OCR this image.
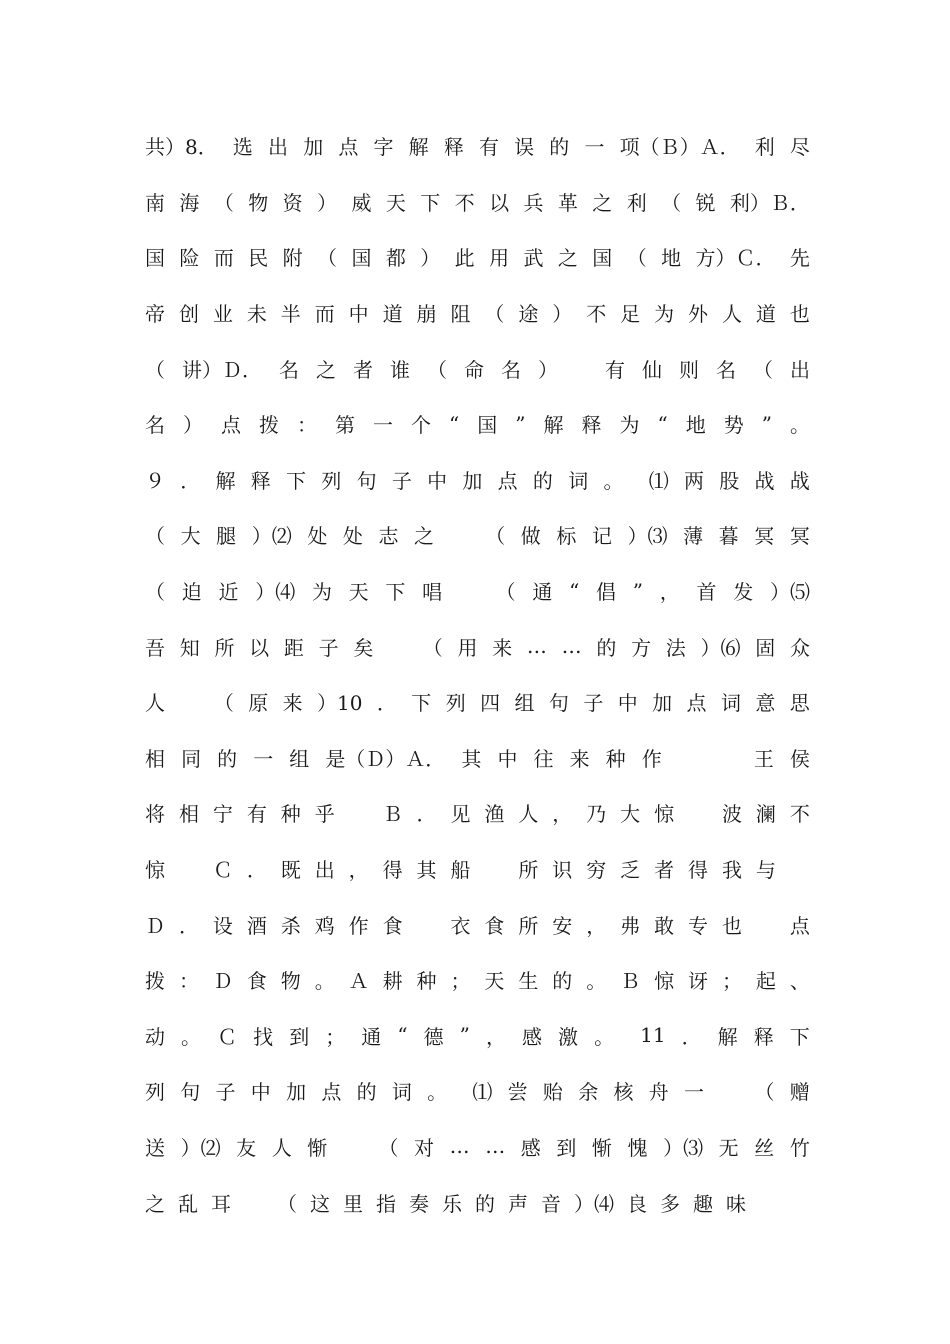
共）8． 选 出 加 点 字 解 释 有 误 的 一 项（Ｂ）Ａ． 利 尽
南 海 （ 物 资 ） 威 天 下 不 以 兵 革 之 利 （ 锐 利）Ｂ．
国 险 而 民 附 （ 国 都 ） 此 用 武 之 国 （ 地 方）Ｃ． 先
帝 创 业 未 半 而 中 道 崩 阻 （ 途 ） 不 足 为 外 人 道 也
（ 讲）Ｄ． 名 之 者 谁 （ 命 名 ）　　 有 仙 则 名 （ 出
名 ） 点 拨 ： 第 一 个 “ 国 ” 解 释 为 “ 地 势 ” 。
９ ． 解 释 下 列 句 子 中 加 点 的 词 。　 ⑴ 两 股 战 战
（ 大 腿 ）⑵ 处 处 志 之
　	（ 做 标 记 ）⑶ 薄 暮 冥 冥
（ 迫 近 ）⑷ 为 天 下 唱
　	（ 通 “ 倡 ” ， 首 发 ）⑸
吾 知 所 以 距 子 矣
　 （ 用 来 … … 的 方 法 ）⑹ 固 众
人
　 （ 原 来 ）10 ． 下 列 四 组 句 子 中 加 点 词 意 思
相 同 的 一 组 是（Ｄ）Ａ． 其 中 往 来 种 作
　　　	王 侯
将 相 宁 有 种 乎
　 Ｂ ． 见 渔 人 ， 乃 大 惊
　 波 澜 不
惊
　 Ｃ ． 既 出 ， 得 其 船
　 所 识 穷 乏 者 得 我 与

Ｄ ． 设 酒 杀 鸡 作 食
　 衣 食 所 安 ， 弗 敢 专 也
　 点
拨 ： Ｄ 食 物 。 Ａ 耕 种 ； 天 生 的 。 Ｂ 惊 讶 ； 起 、
动 。 Ｃ 找 到 ； 通 “ 德 ” ， 感 激 。　 11 ． 解 释 下
列 句 子 中 加 点 的 词 。　 ⑴ 尝 贻 余 核 舟 一
　	（ 赠
送 ）⑵ 友 人 惭
　	（ 对 … … 感 到 惭 愧 ）⑶ 无 丝 竹
之 乱 耳
　 （ 这 里 指 奏 乐 的 声 音 ）⑷ 良 多 趣 味
